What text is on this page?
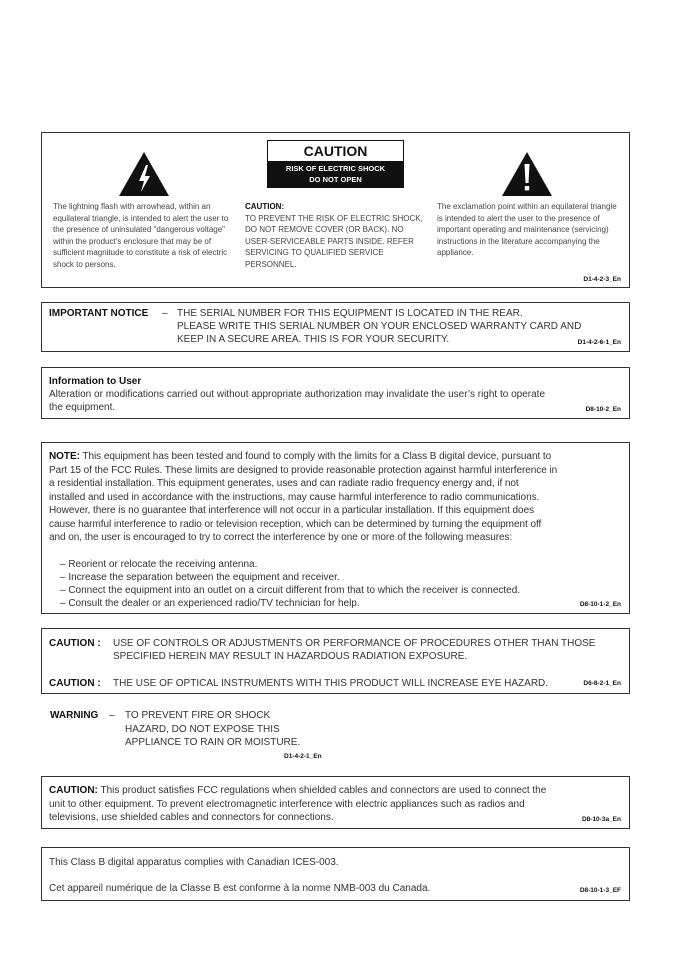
CAUTION
RISK OF ELECTRIC SHOCK
DO NOT OPEN
The lightning flash with arrowhead, within an equilateral triangle, is intended to alert the user to the presence of uninsulated "dangerous voltage" within the product's enclosure that may be of sufficient magnitude to constitute a risk of electric shock to persons.
CAUTION:
TO PREVENT THE RISK OF ELECTRIC SHOCK, DO NOT REMOVE COVER (OR BACK). NO USER-SERVICEABLE PARTS INSIDE. REFER SERVICING TO QUALIFIED SERVICE PERSONNEL.
The exclamation point within an equilateral triangle is intended to alert the user to the presence of important operating and maintenance (servicing) instructions in the literature accompanying the appliance.
D1-4-2-3_En
IMPORTANT NOTICE – THE SERIAL NUMBER FOR THIS EQUIPMENT IS LOCATED IN THE REAR.
PLEASE WRITE THIS SERIAL NUMBER ON YOUR ENCLOSED WARRANTY CARD AND
KEEP IN A SECURE AREA. THIS IS FOR YOUR SECURITY.	D1-4-2-6-1_En
Information to User
Alteration or modifications carried out without appropriate authorization may invalidate the user’s right to operate
the equipment.	D8-10-2_En
NOTE: This equipment has been tested and found to comply with the limits for a Class B digital device, pursuant to
Part 15 of the FCC Rules. These limits are designed to provide reasonable protection against harmful interference in
a residential installation. This equipment generates, uses and can radiate radio frequency energy and, if not
installed and used in accordance with the instructions, may cause harmful interference to radio communications.
However, there is no guarantee that interference will not occur in a particular installation. If this equipment does
cause harmful interference to radio or television reception, which can be determined by turning the equipment off
and on, the user is encouraged to try to correct the interference by one or more of the following measures:
– Reorient or relocate the receiving antenna.
– Increase the separation between the equipment and receiver.
– Connect the equipment into an outlet on a circuit different from that to which the receiver is connected.
– Consult the dealer or an experienced radio/TV technician for help.	D8-10-1-2_En
CAUTION : USE OF CONTROLS OR ADJUSTMENTS OR PERFORMANCE OF PROCEDURES OTHER THAN THOSE
SPECIFIED HEREIN MAY RESULT IN HAZARDOUS RADIATION EXPOSURE.
CAUTION : THE USE OF OPTICAL INSTRUMENTS WITH THIS PRODUCT WILL INCREASE EYE HAZARD.	D6-8-2-1_En
WARNING – TO PREVENT FIRE OR SHOCK
HAZARD, DO NOT EXPOSE THIS
APPLIANCE TO RAIN OR MOISTURE.
D1-4-2-1_En
CAUTION: This product satisfies FCC regulations when shielded cables and connectors are used to connect the
unit to other equipment. To prevent electromagnetic interference with electric appliances such as radios and
televisions, use shielded cables and connectors for connections.	D8-10-3a_En
This Class B digital apparatus complies with Canadian ICES-003.
Cet appareil numérique de la Classe B est conforme à la norme NMB-003 du Canada.	D8-10-1-3_EF
